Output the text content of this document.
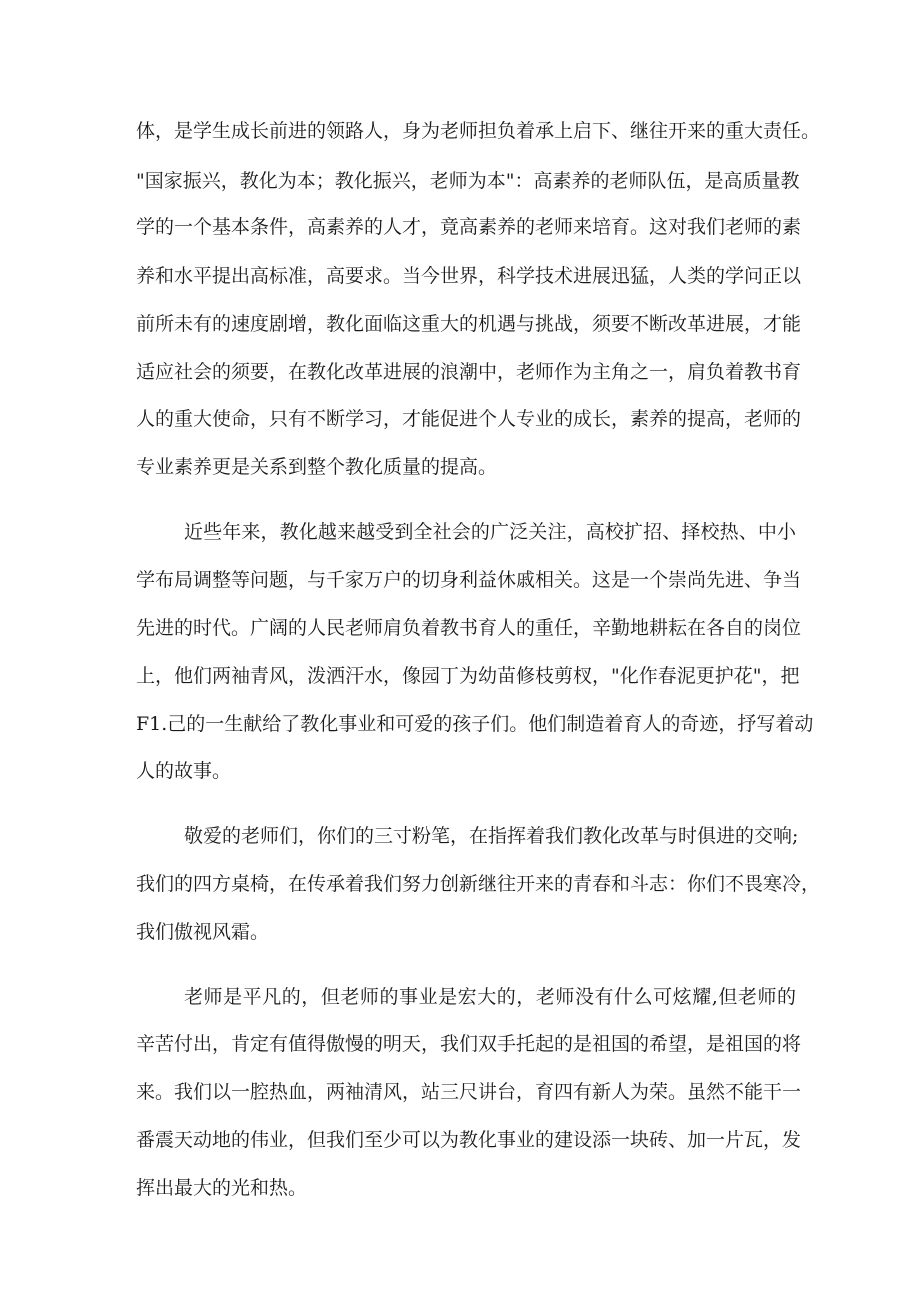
体，是学生成长前进的领路人，身为老师担负着承上启下、继往开来的重大责任。
"国家振兴，教化为本；教化振兴，老师为本"：高素养的老师队伍，是高质量教
学的一个基本条件，高素养的人才，竟高素养的老师来培育。这对我们老师的素
养和水平提出高标准，高要求。当今世界，科学技术进展迅猛，人类的学问正以
前所未有的速度剧增，教化面临这重大的机遇与挑战，须要不断改革进展，才能
适应社会的须要，在教化改革进展的浪潮中，老师作为主角之一，肩负着教书育
人的重大使命，只有不断学习，才能促进个人专业的成长，素养的提高，老师的
专业素养更是关系到整个教化质量的提高。
近些年来，教化越来越受到全社会的广泛关注，高校扩招、择校热、中小
学布局调整等问题，与千家万户的切身利益休戚相关。这是一个崇尚先进、争当
先进的时代。广阔的人民老师肩负着教书育人的重任，辛勤地耕耘在各自的岗位
上，他们两袖青风，泼洒汗水，像园丁为幼苗修枝剪杈，"化作春泥更护花"，把
F1.己的一生献给了教化事业和可爱的孩子们。他们制造着育人的奇迹，抒写着动
人的故事。
敬爱的老师们，你们的三寸粉笔，在指挥着我们教化改革与时俱进的交响;
我们的四方桌椅，在传承着我们努力创新继往开来的青春和斗志：你们不畏寒冷，
我们傲视风霜。
老师是平凡的，但老师的事业是宏大的，老师没有什么可炫耀,但老师的
辛苦付出，肯定有值得傲慢的明天，我们双手托起的是祖国的希望，是祖国的将
来。我们以一腔热血，两袖清风，站三尺讲台，育四有新人为荣。虽然不能干一
番震天动地的伟业，但我们至少可以为教化事业的建设添一块砖、加一片瓦，发
挥出最大的光和热。
